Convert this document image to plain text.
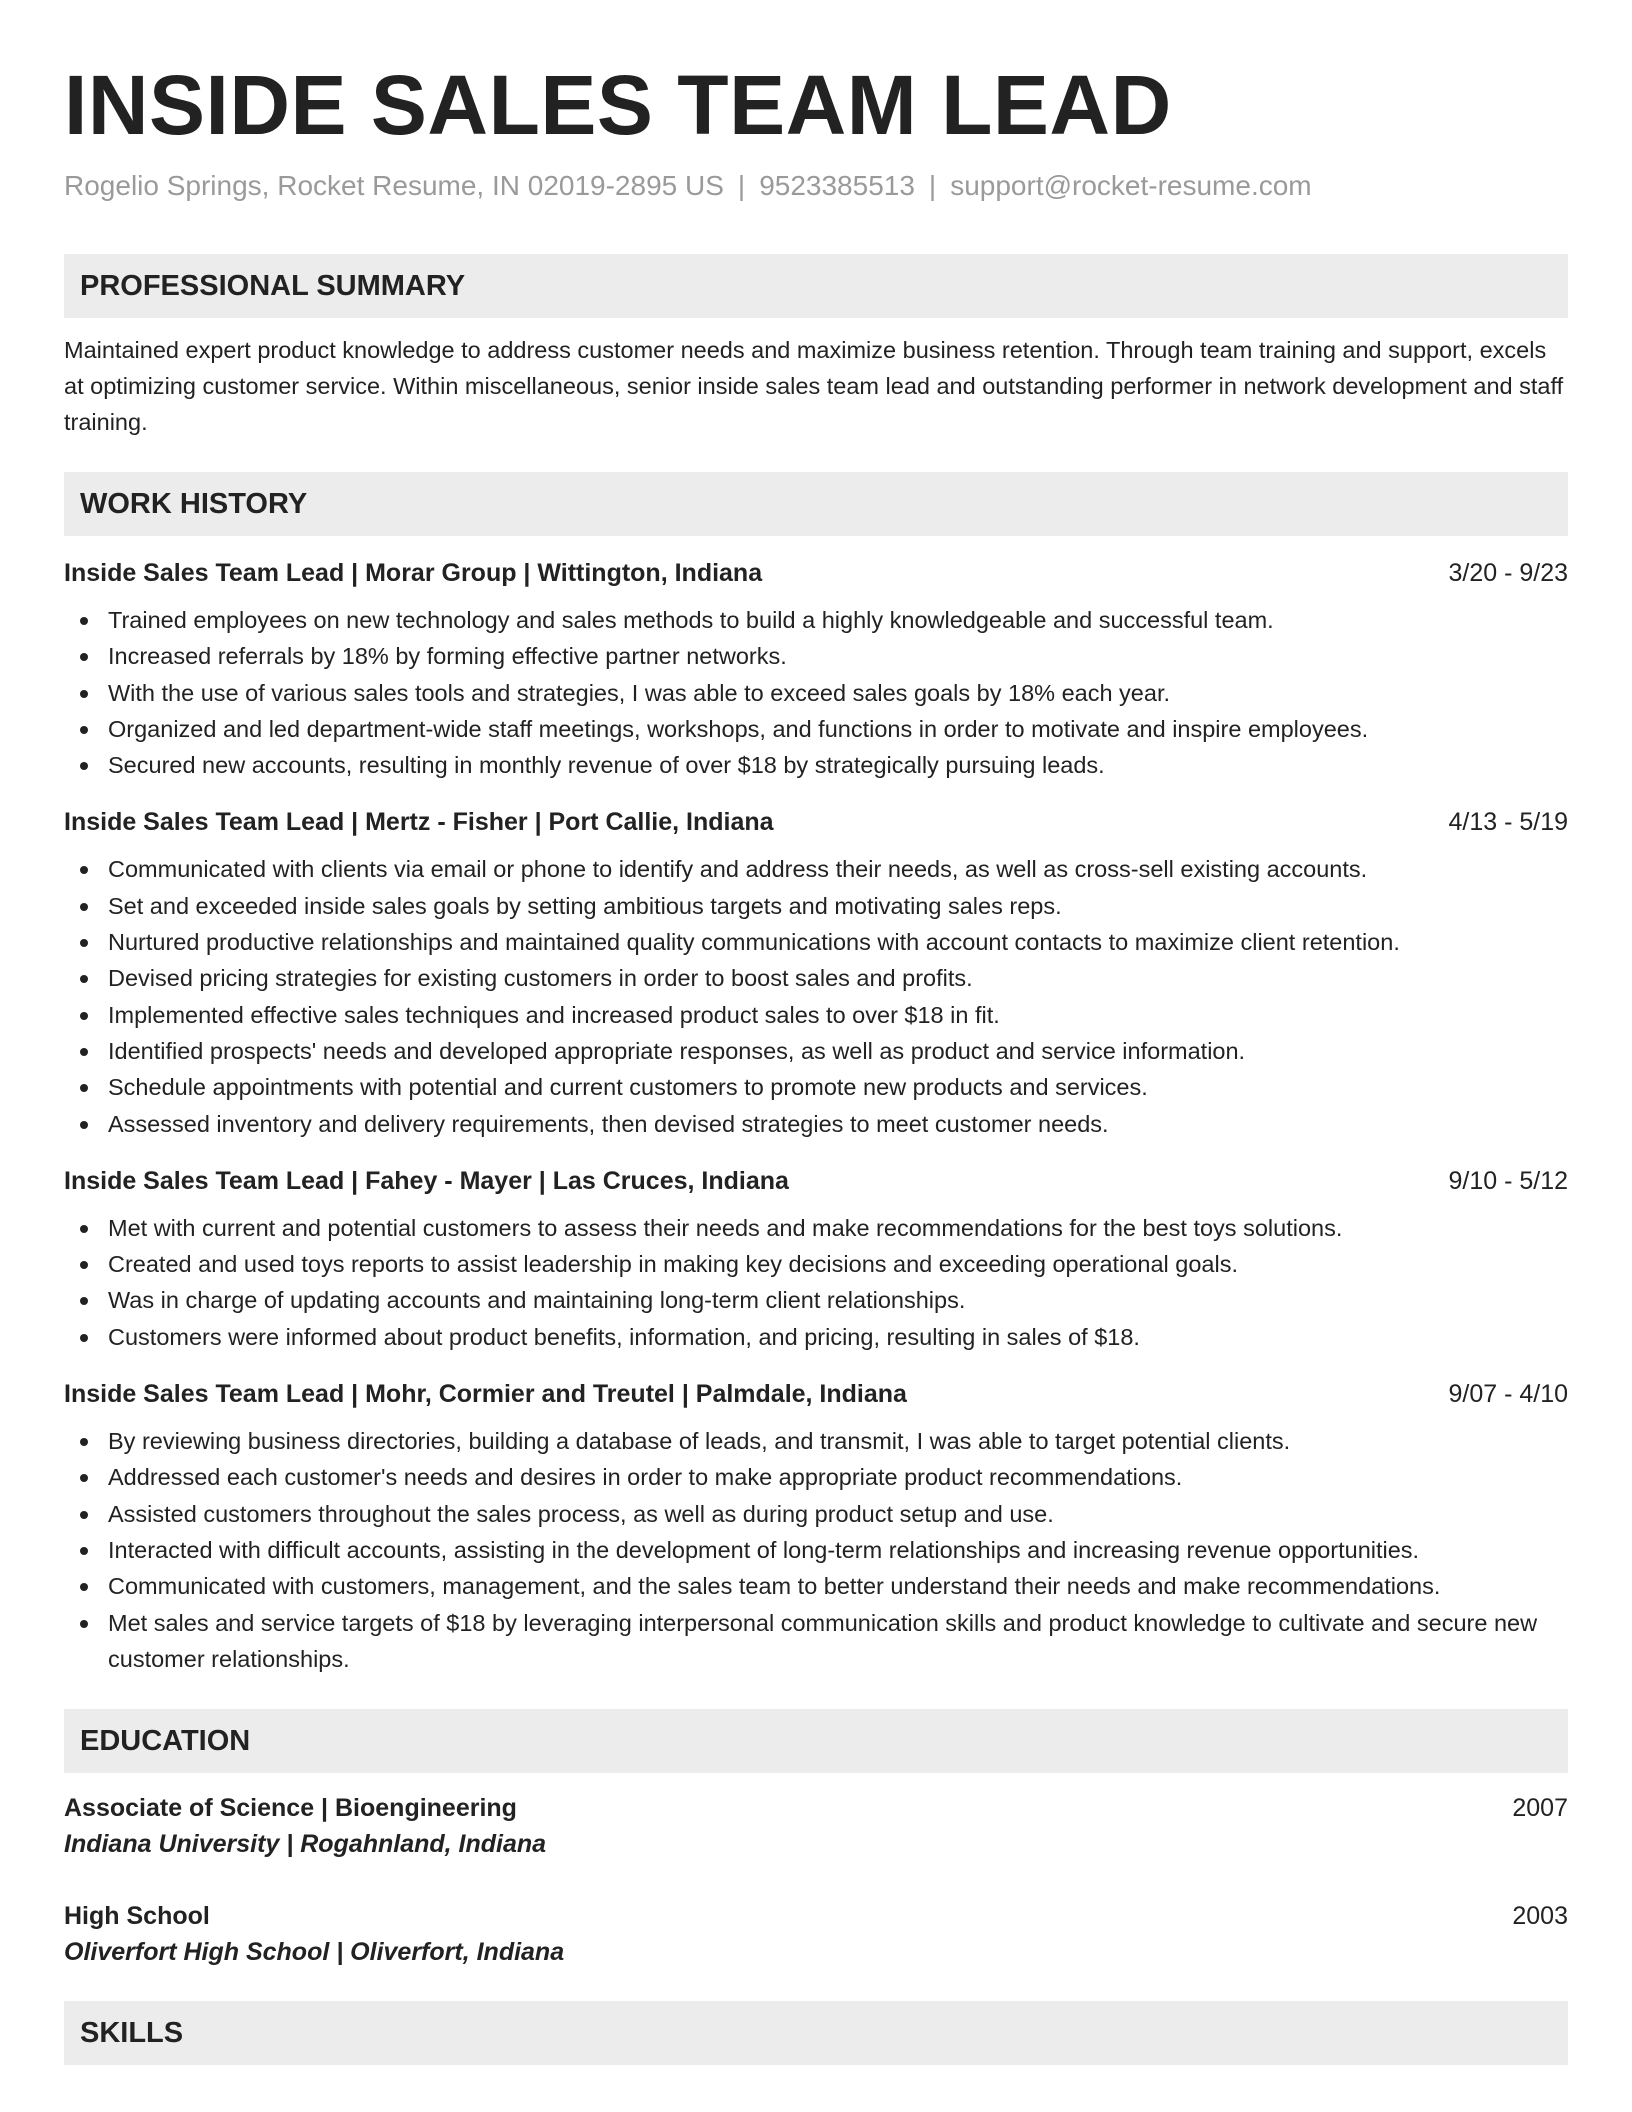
INSIDE SALES TEAM LEAD
Rogelio Springs, Rocket Resume, IN 02019-2895 US | 9523385513 | support@rocket-resume.com
PROFESSIONAL SUMMARY
Maintained expert product knowledge to address customer needs and maximize business retention. Through team training and support, excels at optimizing customer service. Within miscellaneous, senior inside sales team lead and outstanding performer in network development and staff training.
WORK HISTORY
Inside Sales Team Lead | Morar Group | Wittington, Indiana	3/20 - 9/23
Trained employees on new technology and sales methods to build a highly knowledgeable and successful team.
Increased referrals by 18% by forming effective partner networks.
With the use of various sales tools and strategies, I was able to exceed sales goals by 18% each year.
Organized and led department-wide staff meetings, workshops, and functions in order to motivate and inspire employees.
Secured new accounts, resulting in monthly revenue of over $18 by strategically pursuing leads.
Inside Sales Team Lead | Mertz - Fisher | Port Callie, Indiana	4/13 - 5/19
Communicated with clients via email or phone to identify and address their needs, as well as cross-sell existing accounts.
Set and exceeded inside sales goals by setting ambitious targets and motivating sales reps.
Nurtured productive relationships and maintained quality communications with account contacts to maximize client retention.
Devised pricing strategies for existing customers in order to boost sales and profits.
Implemented effective sales techniques and increased product sales to over $18 in fit.
Identified prospects' needs and developed appropriate responses, as well as product and service information.
Schedule appointments with potential and current customers to promote new products and services.
Assessed inventory and delivery requirements, then devised strategies to meet customer needs.
Inside Sales Team Lead | Fahey - Mayer | Las Cruces, Indiana	9/10 - 5/12
Met with current and potential customers to assess their needs and make recommendations for the best toys solutions.
Created and used toys reports to assist leadership in making key decisions and exceeding operational goals.
Was in charge of updating accounts and maintaining long-term client relationships.
Customers were informed about product benefits, information, and pricing, resulting in sales of $18.
Inside Sales Team Lead | Mohr, Cormier and Treutel | Palmdale, Indiana	9/07 - 4/10
By reviewing business directories, building a database of leads, and transmit, I was able to target potential clients.
Addressed each customer's needs and desires in order to make appropriate product recommendations.
Assisted customers throughout the sales process, as well as during product setup and use.
Interacted with difficult accounts, assisting in the development of long-term relationships and increasing revenue opportunities.
Communicated with customers, management, and the sales team to better understand their needs and make recommendations.
Met sales and service targets of $18 by leveraging interpersonal communication skills and product knowledge to cultivate and secure new customer relationships.
EDUCATION
Associate of Science | Bioengineering	2007
Indiana University | Rogahnland, Indiana
High School	2003
Oliverfort High School | Oliverfort, Indiana
SKILLS
